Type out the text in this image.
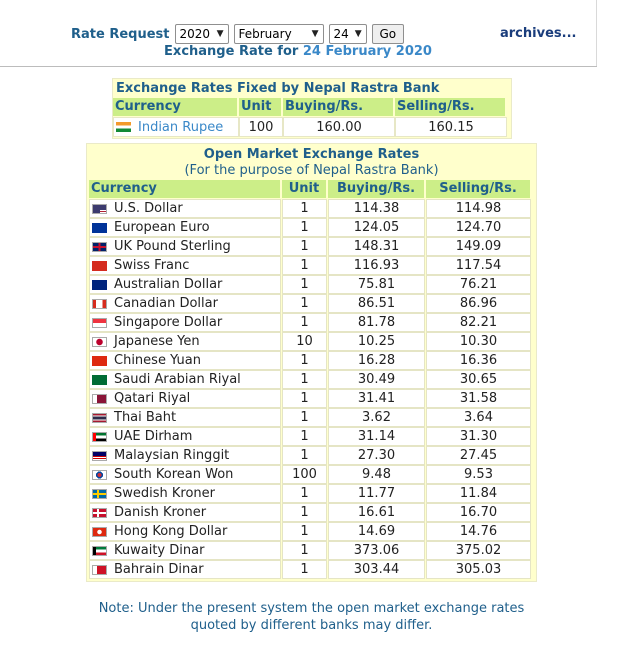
Rate Request 2020 ▼ February ▼ 24 ▼	Go	archives...
Exchange Rate for 24 February 2020
Exchange Rates Fixed by Nepal Rastra Bank
Currency	Unit	Buying/Rs.	Selling/Rs.
Indian Rupee	100	160.00	160.15
Open Market Exchange Rates
(For the purpose of Nepal Rastra Bank)
Currency	Unit	Buying/Rs.	Selling/Rs.
U.S. Dollar	1	114.38	114.98
European Euro	1	124.05	124.70
UK Pound Sterling	1	148.31	149.09
Swiss Franc	1	116.93	117.54
Australian Dollar	1	75.81	76.21
Canadian Dollar	1	86.51	86.96
Singapore Dollar	1	81.78	82.21
Japanese Yen	10	10.25	10.30
Chinese Yuan	1	16.28	16.36
Saudi Arabian Riyal	1	30.49	30.65
Qatari Riyal	1	31.41	31.58
Thai Baht	1	3.62	3.64
UAE Dirham	1	31.14	31.30
Malaysian Ringgit	1	27.30	27.45
South Korean Won	100	9.48	9.53
Swedish Kroner	1	11.77	11.84
Danish Kroner	1	16.61	16.70
Hong Kong Dollar	1	14.69	14.76
Kuwaity Dinar	1	373.06	375.02
Bahrain Dinar	1	303.44	305.03
Note: Under the present system the open market exchange rates
quoted by different banks may differ.
